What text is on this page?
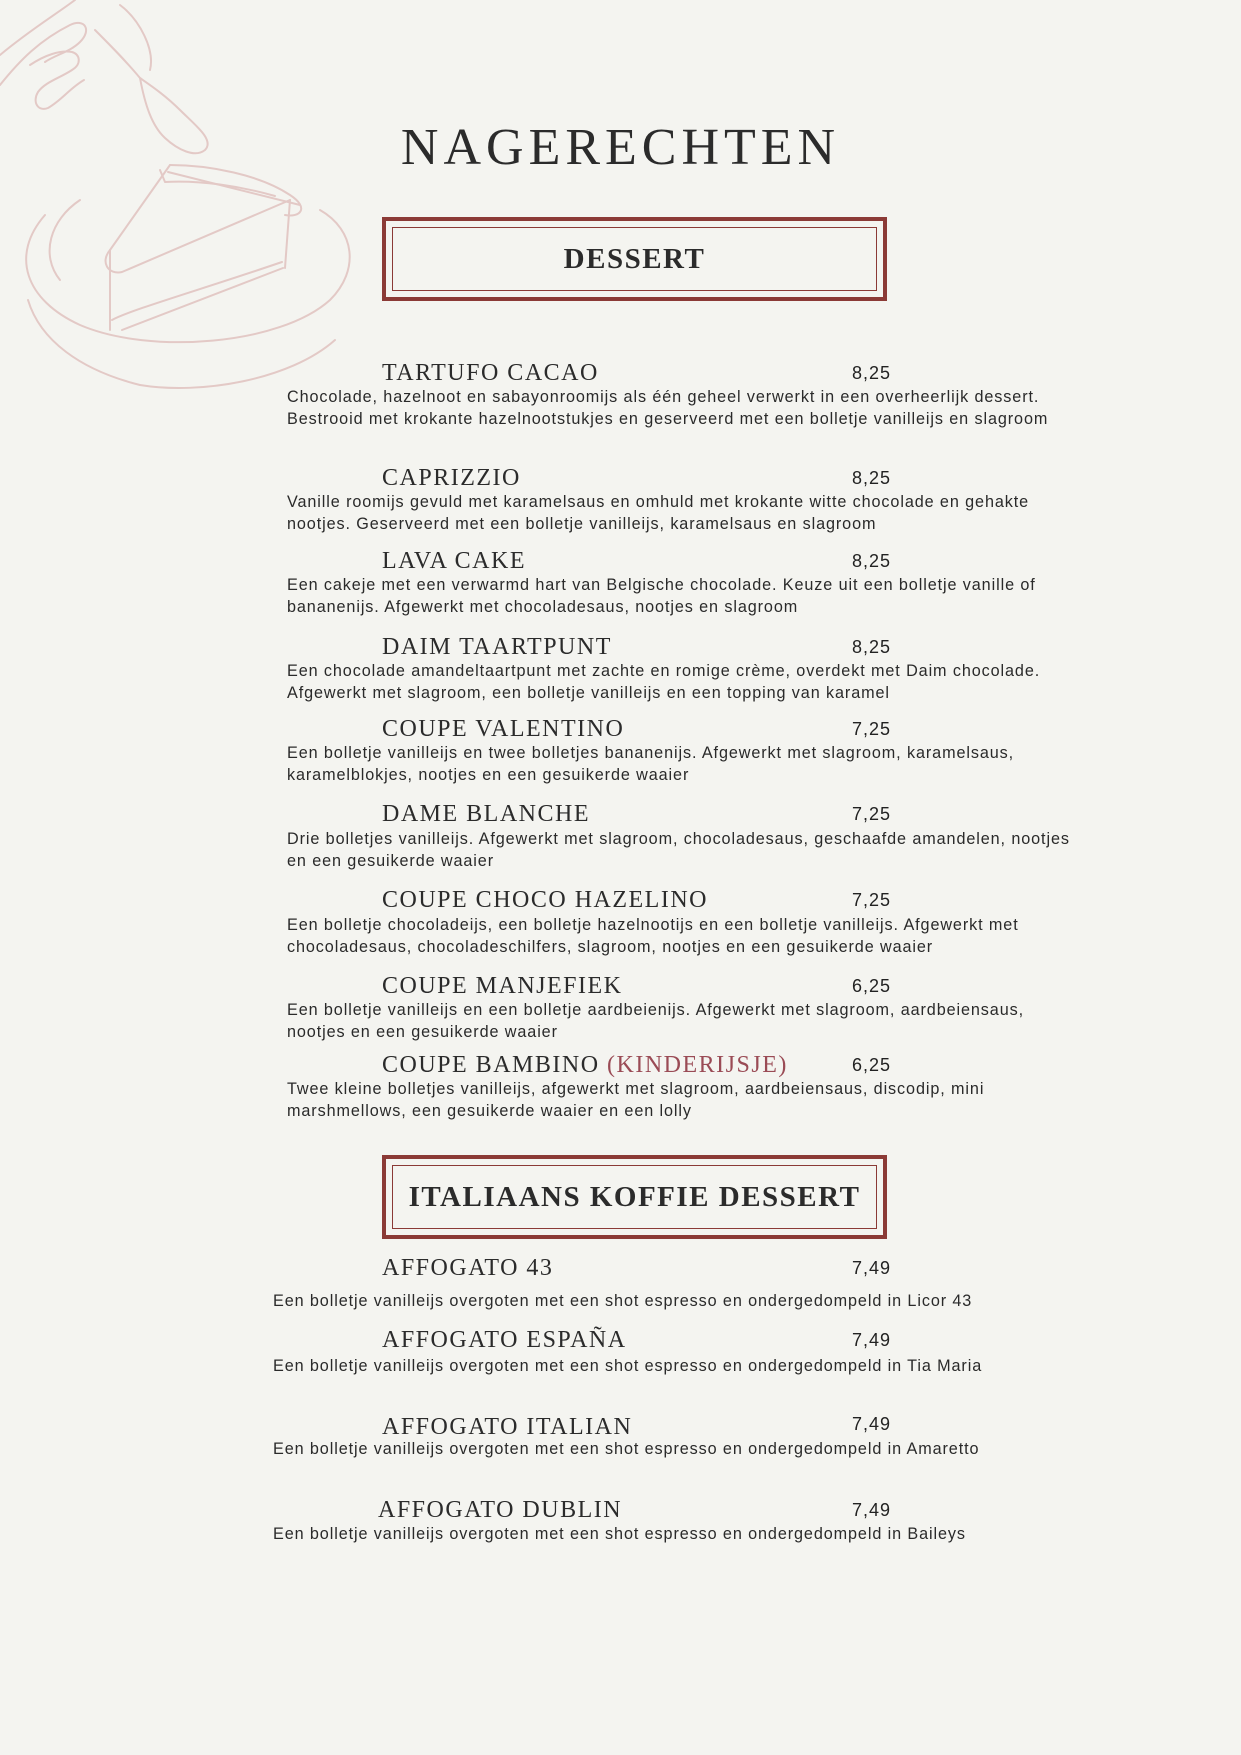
NAGERECHTEN
DESSERT
TARTUFO CACAO	8,25
Chocolade, hazelnoot en sabayonroomijs als één geheel verwerkt in een overheerlijk dessert. Bestrooid met krokante hazelnootstukjes en geserveerd met een bolletje vanilleijs en slagroom
CAPRIZZIO	8,25
Vanille roomijs gevuld met karamelsaus en omhuld met krokante witte chocolade en gehakte nootjes. Geserveerd met een bolletje vanilleijs, karamelsaus en slagroom
LAVA CAKE	8,25
Een cakeje met een verwarmd hart van Belgische chocolade. Keuze uit een bolletje vanille of bananenijs. Afgewerkt met chocoladesaus, nootjes en slagroom
DAIM TAARTPUNT	8,25
Een chocolade amandeltaartpunt met zachte en romige crème, overdekt met Daim chocolade. Afgewerkt met slagroom, een bolletje vanilleijs en een topping van karamel
COUPE VALENTINO	7,25
Een bolletje vanilleijs en twee bolletjes bananenijs. Afgewerkt met slagroom, karamelsaus, karamelblokjes, nootjes en een gesuikerde waaier
DAME BLANCHE	7,25
Drie bolletjes vanilleijs. Afgewerkt met slagroom, chocoladesaus, geschaafde amandelen, nootjes en een gesuikerde waaier
COUPE CHOCO HAZELINO	7,25
Een bolletje chocoladeijs, een bolletje hazelnootijs en een bolletje vanilleijs. Afgewerkt met chocoladesaus, chocoladeschilfers, slagroom, nootjes en een gesuikerde waaier
COUPE MANJEFIEK	6,25
Een bolletje vanilleijs en een bolletje aardbeienijs. Afgewerkt met slagroom, aardbeiensaus, nootjes en een gesuikerde waaier
COUPE BAMBINO (KINDERIJSJE)	6,25
Twee kleine bolletjes vanilleijs, afgewerkt met slagroom, aardbeiensaus, discodip, mini marshmellows, een gesuikerde waaier en een lolly
ITALIAANS KOFFIE DESSERT
AFFOGATO 43	7,49
Een bolletje vanilleijs overgoten met een shot espresso en ondergedompeld in Licor 43
AFFOGATO ESPAÑA	7,49
Een bolletje vanilleijs overgoten met een shot espresso en ondergedompeld in Tia Maria
AFFOGATO ITALIAN	7,49
Een bolletje vanilleijs overgoten met een shot espresso en ondergedompeld in Amaretto
AFFOGATO DUBLIN	7,49
Een bolletje vanilleijs overgoten met een shot espresso en ondergedompeld in Baileys
